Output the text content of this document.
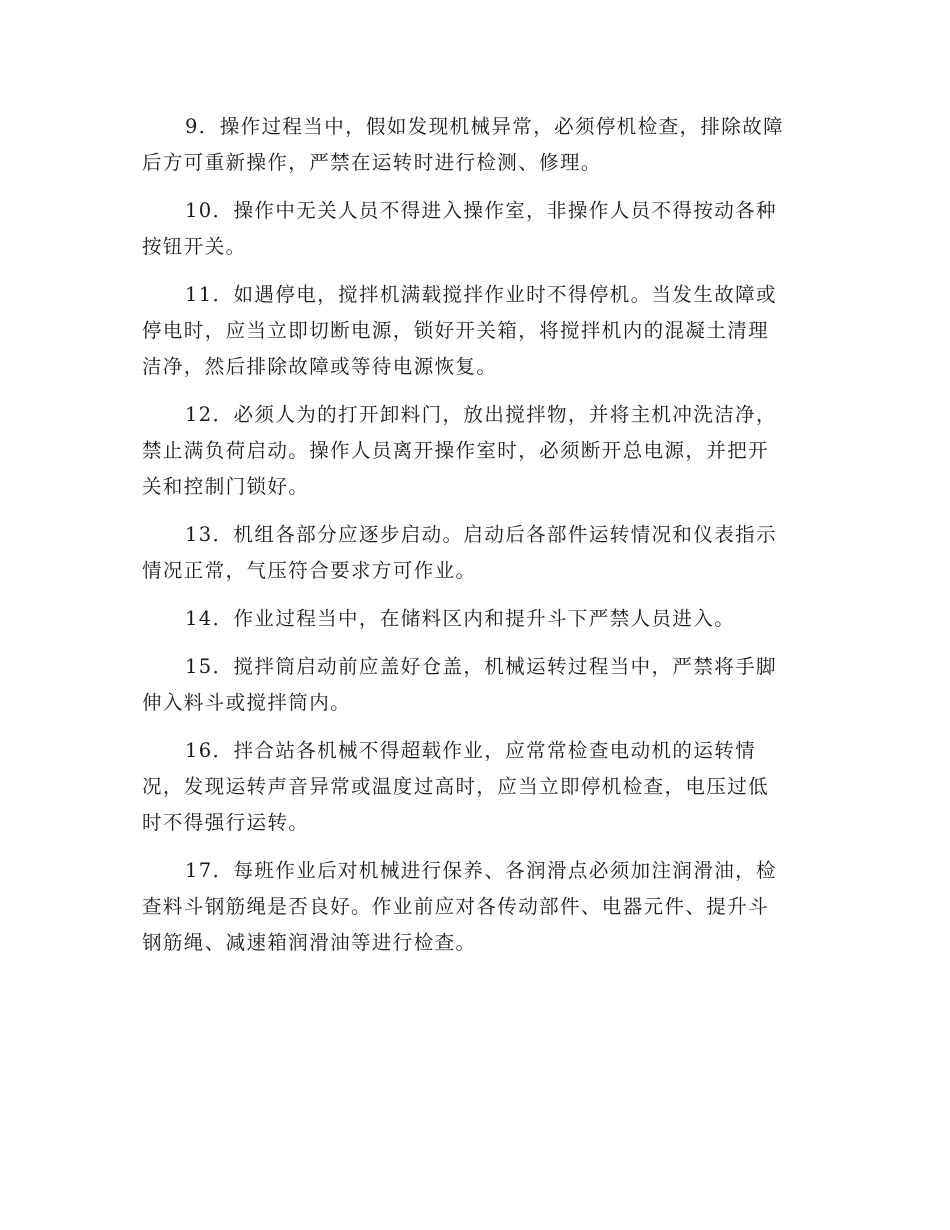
9．操作过程当中，假如发现机械异常，必须停机检查，排除故障
后方可重新操作，严禁在运转时进行检测、修理。

10．操作中无关人员不得进入操作室，非操作人员不得按动各种
按钮开关。

11．如遇停电，搅拌机满载搅拌作业时不得停机。当发生故障或
停电时，应当立即切断电源，锁好开关箱，将搅拌机内的混凝土清理
洁净，然后排除故障或等待电源恢复。

12．必须人为的打开卸料门，放出搅拌物，并将主机冲洗洁净，
禁止满负荷启动。操作人员离开操作室时，必须断开总电源，并把开
关和控制门锁好。

13．机组各部分应逐步启动。启动后各部件运转情况和仪表指示
情况正常，气压符合要求方可作业。

14．作业过程当中，在储料区内和提升斗下严禁人员进入。

15．搅拌筒启动前应盖好仓盖，机械运转过程当中，严禁将手脚
伸入料斗或搅拌筒内。

16．拌合站各机械不得超载作业，应常常检查电动机的运转情
况，发现运转声音异常或温度过高时，应当立即停机检查，电压过低
时不得强行运转。

17．每班作业后对机械进行保养、各润滑点必须加注润滑油，检
查料斗钢筋绳是否良好。作业前应对各传动部件、电器元件、提升斗
钢筋绳、减速箱润滑油等进行检查。
